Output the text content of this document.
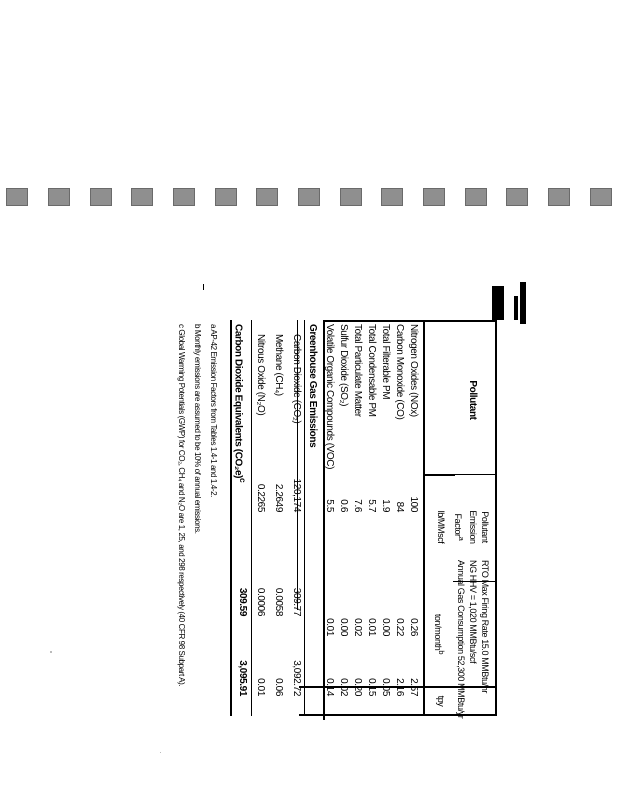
Pollutant
Pollutant
Emission
Factor$^a$
lb/MMscf
RTO Max Firing Rate 15.0 MMBtu/hr
NG HHV = 1,020 MMBtu/scf
Annual Gas Consumption 52,300 MMBtu/yr
ton/month$^b$
tpy
Nitrogen Oxides (NOx)
100
0.26
2.57
Carbon Monoxide (CO)
84
0.22
2.16
Total Filterable PM
1.9
0.00
0.05
Total Condensable PM
5.7
0.01
0.15
Total Particulate Matter
7.6
0.02
0.20
Sulfur Dioxide (SO₂)
0.6
0.00
0.02
Volatile Organic Compounds (VOC)
5.5
0.01
0.14
Greenhouse Gas Emissions
Carbon Dioxide (CO₂)
120,174
309.77
3,092.72
Methane (CH₄)
2.2649
0.0058
0.06
Nitrous Oxide (N₂O)
0.2265
0.0006
0.01
Carbon Dioxide Equivalents $(CO_2e)^c$
309.59
3,095.91
a AP-42 Emission Factors from Tables 1.4-1 and 1.4-2.
b Monthly emissions are assumed to be 10% of annual emissions.
c Global Warming Potentials (GWP) for CO₂, CH₄ and N₂O are 1, 25, and 298 respectively (40 CFR 98 Subpart A).
